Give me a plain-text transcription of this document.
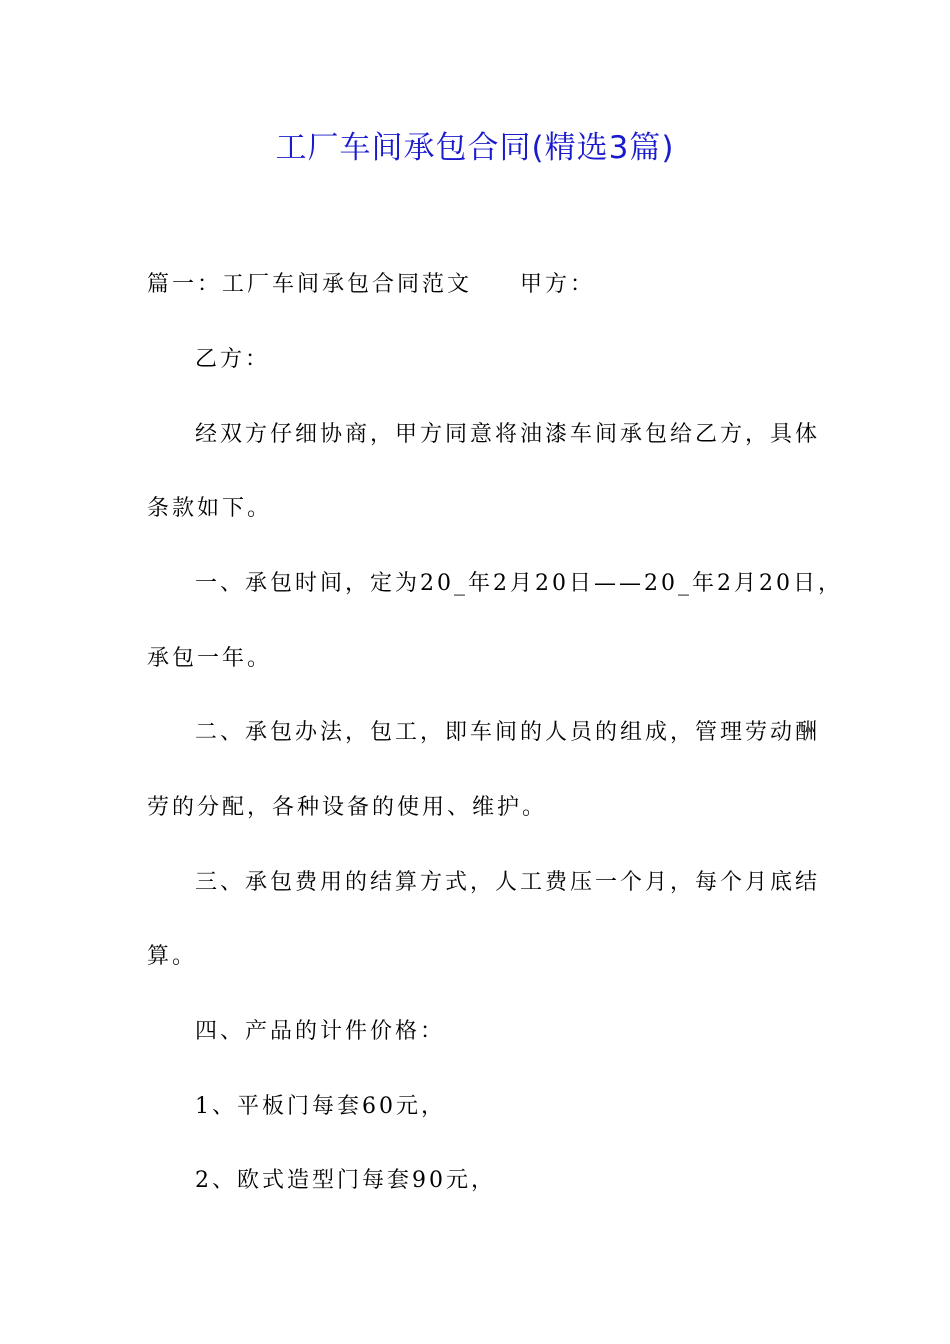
工厂车间承包合同(精选3篇)
篇一：工厂车间承包合同范文 甲方：
乙方：
经双方仔细协商，甲方同意将油漆车间承包给乙方，具体
条款如下。
一、承包时间，定为20_年2月20日——20_年2月20日，
承包一年。
二、承包办法，包工，即车间的人员的组成，管理劳动酬
劳的分配，各种设备的使用、维护。
三、承包费用的结算方式，人工费压一个月，每个月底结
算。
四、产品的计件价格：
1、平板门每套60元，
2、欧式造型门每套90元，
